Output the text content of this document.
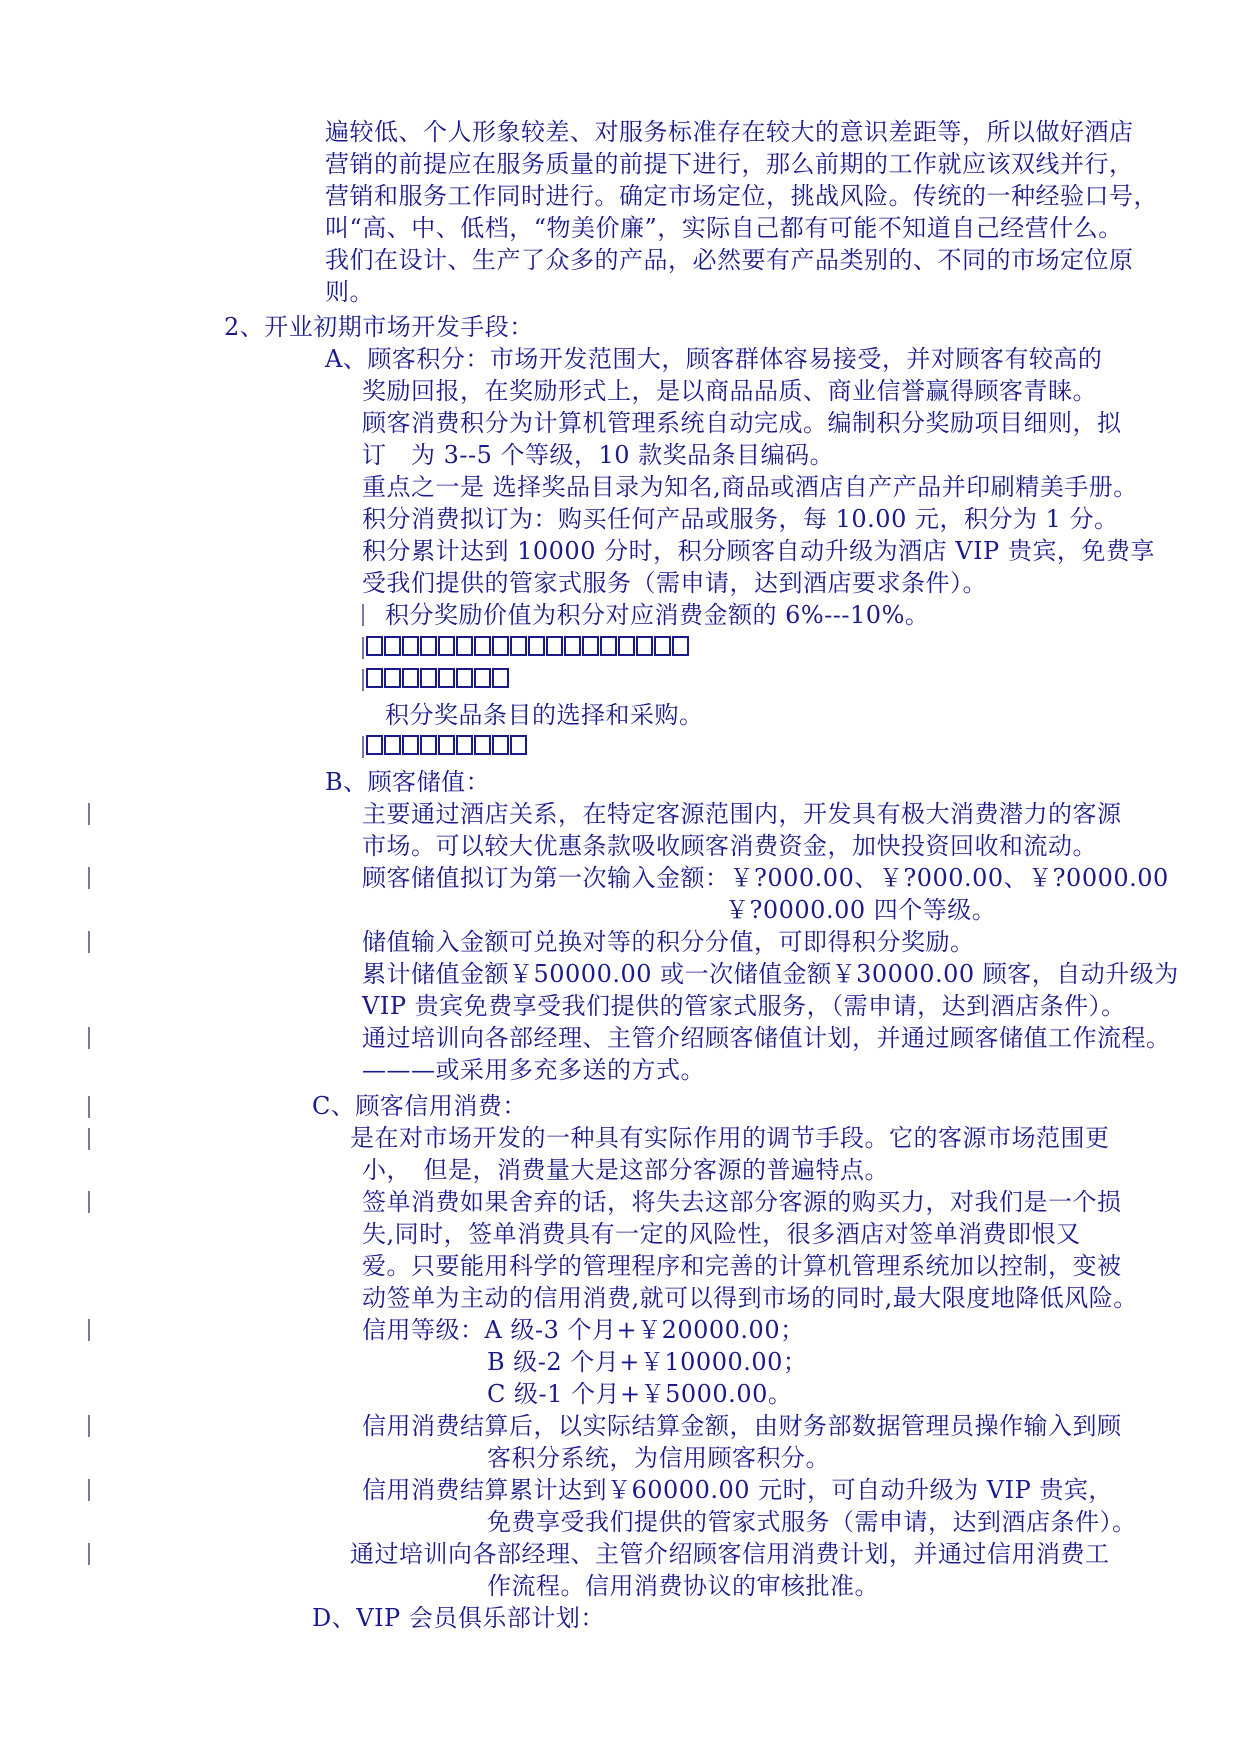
遍较低、个人形象较差、对服务标准存在较大的意识差距等，所以做好酒店
营销的前提应在服务质量的前提下进行，那么前期的工作就应该双线并行，
营销和服务工作同时进行。确定市场定位，挑战风险。传统的一种经验口号，
叫“高、中、低档，“物美价廉”，实际自己都有可能不知道自己经营什么。
我们在设计、生产了众多的产品，必然要有产品类别的、不同的市场定位原
则。
2、开业初期市场开发手段：
A、顾客积分：市场开发范围大，顾客群体容易接受，并对顾客有较高的
奖励回报，在奖励形式上，是以商品品质、商业信誉赢得顾客青睐。
顾客消费积分为计算机管理系统自动完成。编制积分奖励项目细则，拟
订　为 3--5 个等级，10 款奖品条目编码。
重点之一是 选择奖品目录为知名,商品或酒店自产产品并印刷精美手册。
积分消费拟订为：购买任何产品或服务，每 10.00 元，积分为 1 分。
积分累计达到 10000 分时，积分顾客自动升级为酒店 VIP 贵宾，免费享
受我们提供的管家式服务（需申请，达到酒店要求条件）。
积分奖励价值为积分对应消费金额的 6%---10%。
积分奖品条目的选择和采购。
B、顾客储值：
主要通过酒店关系，在特定客源范围内，开发具有极大消费潜力的客源
市场。可以较大优惠条款吸收顾客消费资金，加快投资回收和流动。
顾客储值拟订为第一次输入金额：￥?000.00、￥?000.00、￥?0000.00
￥?0000.00 四个等级。
储值输入金额可兑换对等的积分分值，可即得积分奖励。
累计储值金额￥50000.00 或一次储值金额￥30000.00 顾客，自动升级为
VIP 贵宾免费享受我们提供的管家式服务，（需申请，达到酒店条件）。
通过培训向各部经理、主管介绍顾客储值计划，并通过顾客储值工作流程。
———或采用多充多送的方式。
C、顾客信用消费：
是在对市场开发的一种具有实际作用的调节手段。它的客源市场范围更
小，　但是，消费量大是这部分客源的普遍特点。
签单消费如果舍弃的话，将失去这部分客源的购买力，对我们是一个损
失,同时，签单消费具有一定的风险性，很多酒店对签单消费即恨又
爱。只要能用科学的管理程序和完善的计算机管理系统加以控制，变被
动签单为主动的信用消费,就可以得到市场的同时,最大限度地降低风险。
信用等级：A 级-3 个月+￥20000.00；
B 级-2 个月+￥10000.00；
C 级-1 个月+￥5000.00。
信用消费结算后，以实际结算金额，由财务部数据管理员操作输入到顾
客积分系统，为信用顾客积分。
信用消费结算累计达到￥60000.00 元时，可自动升级为 VIP 贵宾，
免费享受我们提供的管家式服务（需申请，达到酒店条件）。
通过培训向各部经理、主管介绍顾客信用消费计划，并通过信用消费工
作流程。信用消费协议的审核批准。
D、VIP 会员俱乐部计划：
